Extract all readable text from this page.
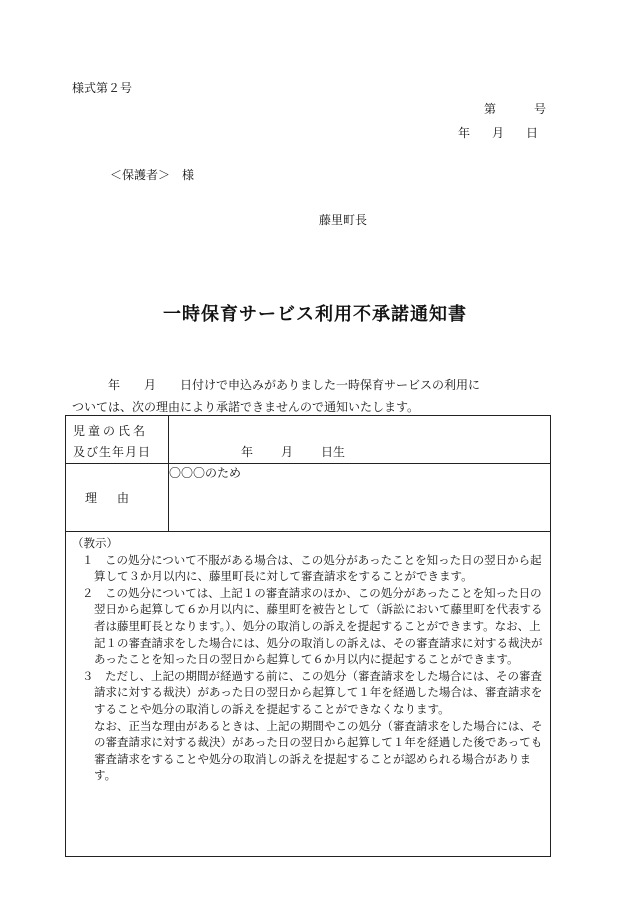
様式第２号
第	号
年 月 日
＜保護者＞　様
藤里町長
一時保育サービス利用不承諾通知書
　　　年　　月　　日付けで申込みがありました一時保育サービスの利用に
ついては、次の理由により承諾できませんので通知いたします。
児童の氏名
及び生年月日	年 月 日生

理由	〇〇〇のため

（教示）
１　この処分について不服がある場合は、この処分があったことを知った日の翌日から起算して３か月以内に、藤里町長に対して審査請求をすることができます。
２　この処分については、上記１の審査請求のほか、この処分があったことを知った日の翌日から起算して６か月以内に、藤里町を被告として（訴訟において藤里町を代表する者は藤里町長となります。）、処分の取消しの訴えを提起することができます。なお、上記１の審査請求をした場合には、処分の取消しの訴えは、その審査請求に対する裁決があったことを知った日の翌日から起算して６か月以内に提起することができます。
３　ただし、上記の期間が経過する前に、この処分（審査請求をした場合には、その審査請求に対する裁決）があった日の翌日から起算して１年を経過した場合は、審査請求をすることや処分の取消しの訴えを提起することができなくなります。
なお、正当な理由があるときは、上記の期間やこの処分（審査請求をした場合には、その審査請求に対する裁決）があった日の翌日から起算して１年を経過した後であっても審査請求をすることや処分の取消しの訴えを提起することが認められる場合があります。	
